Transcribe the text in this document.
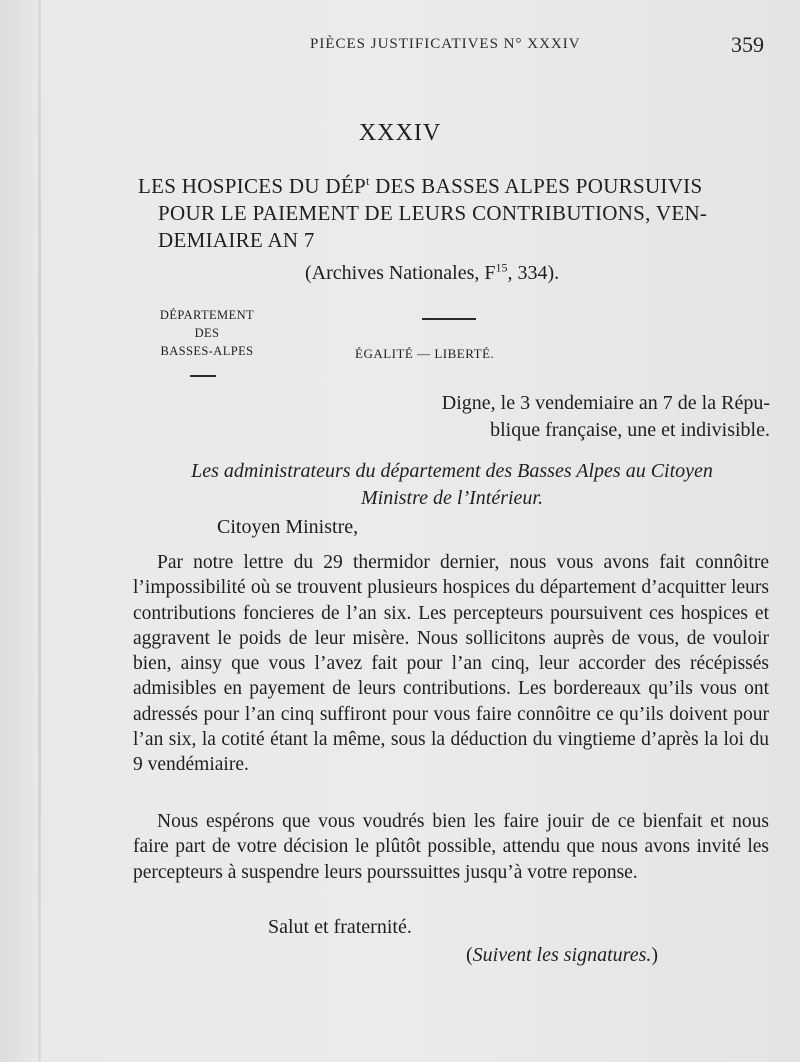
PIÈCES JUSTIFICATIVES N° XXXIV	359
XXXIV
LES HOSPICES DU DÉP$^t$ DES BASSES ALPES POURSUIVIS
POUR LE PAIEMENT DE LEURS CONTRIBUTIONS, VEN-
DEMIAIRE AN 7
(Archives Nationales, $F^{15}$, 334).
DÉPARTEMENT
DES
BASSES-ALPES	ÉGALITÉ — LIBERTÉ.
Digne, le 3 vendemiaire an 7 de la Répu-
blique française, une et indivisible.
Les administrateurs du département des Basses Alpes au Citoyen
Ministre de l’Intérieur.
Citoyen Ministre,

Par notre lettre du 29 thermidor dernier, nous vous avons fait connôitre l’impossibilité où se trouvent plusieurs hospices du département d’acquitter leurs contributions foncieres de l’an six. Les percepteurs poursuivent ces hospices et aggravent le poids de leur misère. Nous sollicitons auprès de vous, de vouloir bien, ainsy que vous l’avez fait pour l’an cinq, leur accorder des récépissés admisibles en payement de leurs contributions. Les bordereaux qu’ils vous ont adressés pour l’an cinq suffiront pour vous faire connôitre ce qu’ils doivent pour l’an six, la cotité étant la même, sous la déduction du vingtieme d’après la loi du 9 vendémiaire.

Nous espérons que vous voudrés bien les faire jouir de ce bienfait et nous faire part de votre décision le plûtôt possible, attendu que nous avons invité les percepteurs à suspendre leurs pourssuittes jusqu’à votre reponse.

Salut et fraternité.
(Suivent les signatures.)
